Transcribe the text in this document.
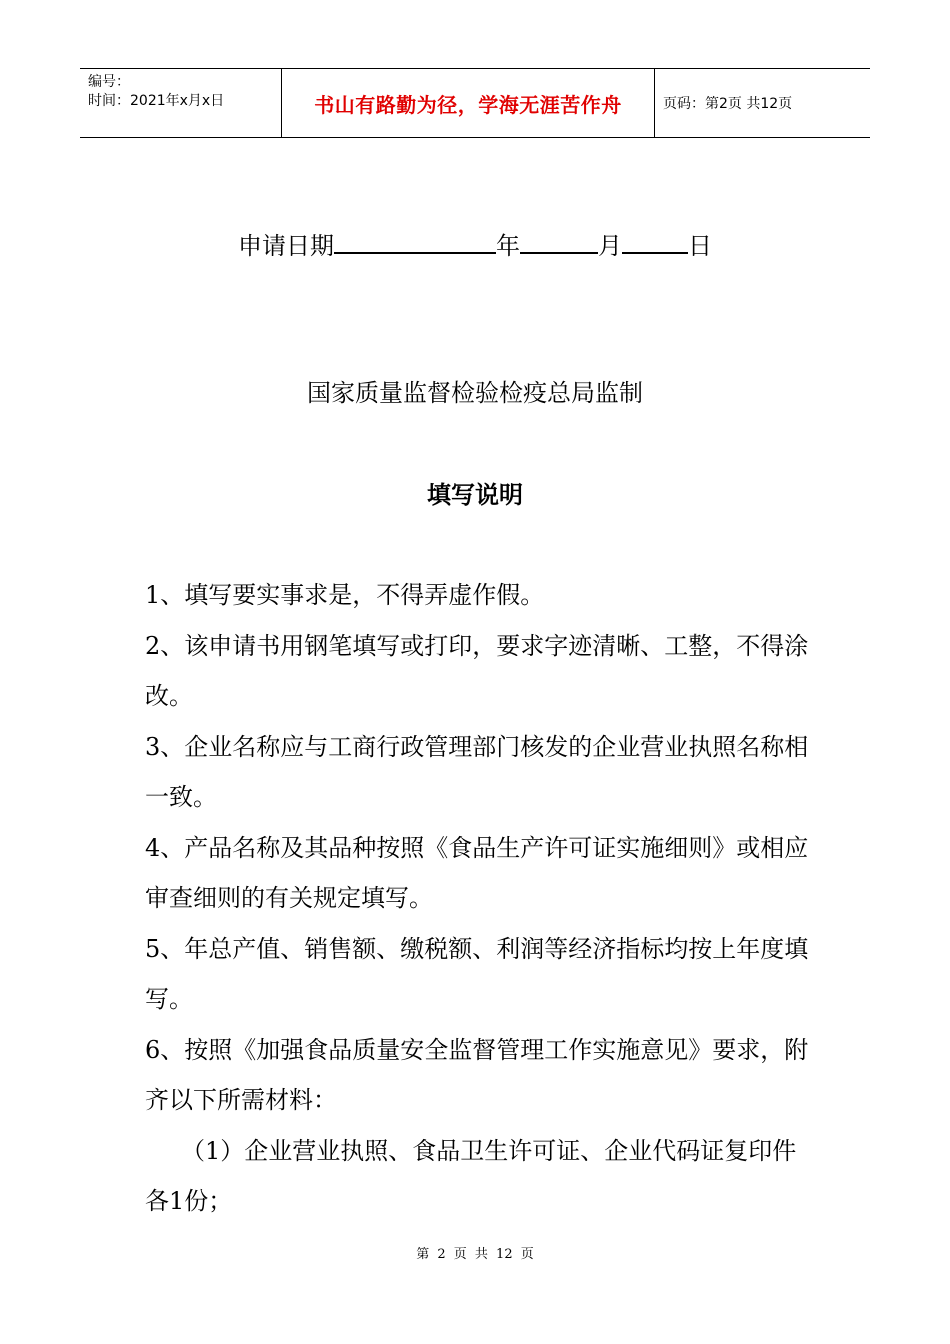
编号：
时间：2021年x月x日	书山有路勤为径，学海无涯苦作舟	页码：第2页 共12页
申请日期	年	月	日
国家质量监督检验检疫总局监制
填写说明

1、填写要实事求是，不得弄虚作假。

2、该申请书用钢笔填写或打印，要求字迹清晰、工整，不得涂改。

3、企业名称应与工商行政管理部门核发的企业营业执照名称相一致。

4、产品名称及其品种按照《食品生产许可证实施细则》或相应审查细则的有关规定填写。

5、年总产值、销售额、缴税额、利润等经济指标均按上年度填写。

6、按照《加强食品质量安全监督管理工作实施意见》要求，附齐以下所需材料：

（1）企业营业执照、食品卫生许可证、企业代码证复印件各1份；

第 2 页 共 12 页
